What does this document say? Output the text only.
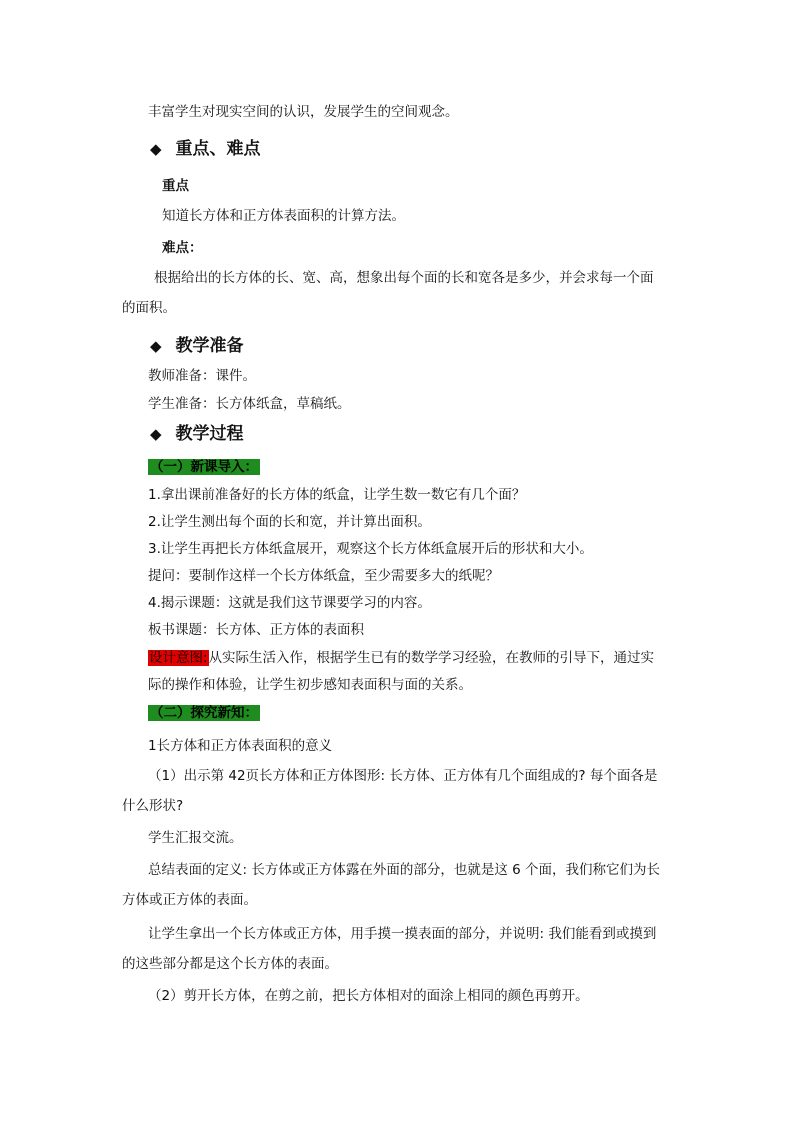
丰富学生对现实空间的认识，发展学生的空间观念。
◆ 重点、难点
重点
知道长方体和正方体表面积的计算方法。
难点：
根据给出的长方体的长、宽、高，想象出每个面的长和宽各是多少，并会求每一个面
的面积。
◆ 教学准备
教师准备：课件。
学生准备：长方体纸盒，草稿纸。
◆ 教学过程
（一）新课导入：
1.拿出课前准备好的长方体的纸盒，让学生数一数它有几个面？
2.让学生测出每个面的长和宽，并计算出面积。
3.让学生再把长方体纸盒展开，观察这个长方体纸盒展开后的形状和大小。
提问：要制作这样一个长方体纸盒，至少需要多大的纸呢？
4.揭示课题：这就是我们这节课要学习的内容。
板书课题：长方体、正方体的表面积
设计意图:从实际生活入作，根据学生已有的数学学习经验，在教师的引导下，通过实
际的操作和体验，让学生初步感知表面积与面的关系。
（二）探究新知：
1长方体和正方体表面积的意义
（1）出示第 42页长方体和正方体图形: 长方体、正方体有几个面组成的? 每个面各是
什么形状?
学生汇报交流。
总结表面的定义: 长方体或正方体露在外面的部分，也就是这 6 个面，我们称它们为长
方体或正方体的表面。
让学生拿出一个长方体或正方体，用手摸一摸表面的部分，并说明: 我们能看到或摸到
的这些部分都是这个长方体的表面。
（2）剪开长方体，在剪之前，把长方体相对的面涂上相同的颜色再剪开。
